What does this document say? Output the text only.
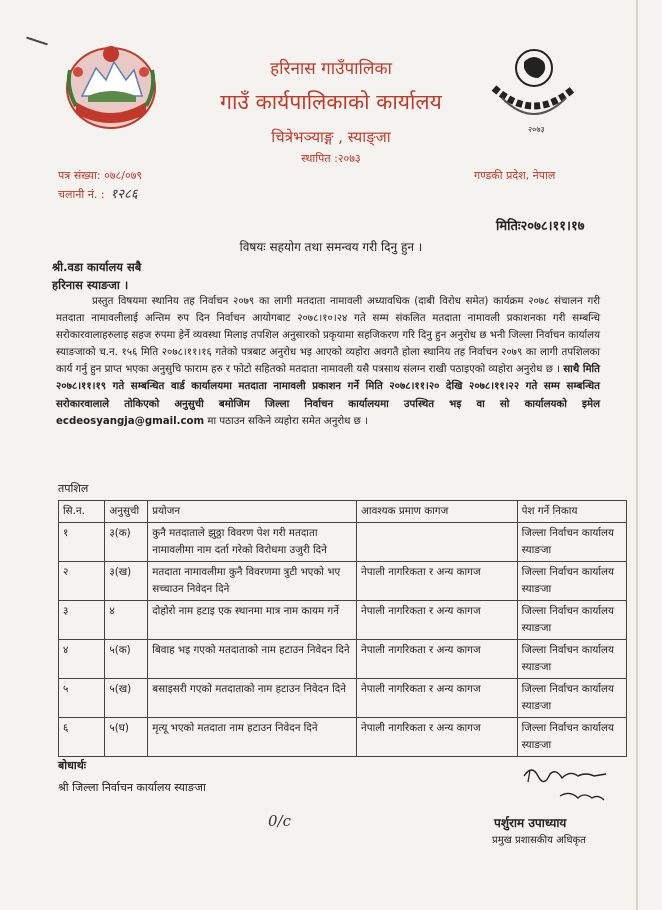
हरिनास गाउँपालिका
गाउँ कार्यपालिकाको कार्यालय
चित्रेभञ्याङ्ग , स्याङ्जा
स्थापित :२०७३
२०७३
पत्र संख्या: ०७८/०७९
चलानी नं. : १२८६
गण्डकी प्रदेश, नेपाल
मितिः२०७८।११।१७
विषयः सहयोग तथा समन्वय गरी दिनु हुन ।
श्री.वडा कार्यालय सबै
हरिनास स्याङजा ।
प्रस्तुत विषयमा स्थानिय तह निर्वाचन २०७९ का लागी मतदाता नामावली अध्यावधिक (दाबी विरोध समेत) कार्यक्रम २०७८ संचालन गरी मतदाता नामावलीलाई अन्तिम रुप दिन निर्वाचन आयोगबाट २०७८।१०।२४ गते सम्म संकलित मतदाता नामावली प्रकाशनका गरी सम्बन्धि सरोकारवालाहरुलाइ सहज रुपमा हेर्ने व्यवस्था मिलाइ तपशिल अनुसारको प्रकृयामा सहजिकरण गरि दिनु हुन अनुरोध छ भनी जिल्ला निर्वाचन कार्यालय स्याङजाको च.न. १५६ मिति २०७८।११।१६ गतेको पत्रबाट अनुरोध भइ आएको व्यहोरा अवगतै होला स्थानिय तह निर्वाचन २०७९ का लागी तपशिलका कार्य गर्नु हुन प्राप्त भएका अनुसुचि फाराम हरु र फोटो सहितको मतदाता नामावली यसै पत्रसाथ संलग्न राखी पठाइएको व्यहोरा अनुरोध छ । साथै मिति २०७८।११।१९ गते सम्बन्धित वार्ड कार्यालयमा मतदाता नामावली प्रकाशन गर्ने मिति २०७८।११।२० देखि २०७८।११।२२ गते सम्म सम्बन्धित सरोकारवालाले तोकिएको अनुसुची बमोजिम जिल्ला निर्वाचन कार्यालयमा उपस्थित भइ वा सो कार्यालयको इमेल ecdeosyangja@gmail.com मा पठाउन सकिने व्यहोरा समेत अनुरोध छ ।
तपशिल
सि.न.	अनुसुची	प्रयोजन	आवश्यक प्रमाण कागज	पेश गर्ने निकाय
१	३(क)	कुनै मतदाताले झुठ्ठा विवरण पेश गरी मतदाता नामावलीमा नाम दर्ता गरेको विरोधमा उजुरी दिने		जिल्ला निर्वाचन कार्यालय स्याङजा
२	३(ख)	मतदाता नामावलीमा कुनै विवरणमा त्रुटी भएको भए सच्चाउन निवेदन दिने	नेपाली नागरिकता र अन्य कागज	जिल्ला निर्वाचन कार्यालय स्याङजा
३	४	दोहोरो नाम हटाइ एक स्थानमा मात्र नाम कायम गर्ने	नेपाली नागरिकता र अन्य कागज	जिल्ला निर्वाचन कार्यालय स्याङजा
४	५(क)	बिवाह भइ गएको मतदाताको नाम हटाउन निवेदन दिने	नेपाली नागरिकता र अन्य कागज	जिल्ला निर्वाचन कार्यालय स्याङजा
५	५(ख)	बसाइसरी गएको मतदाताको नाम हटाउन निवेदन दिने	नेपाली नागरिकता र अन्य कागज	जिल्ला निर्वाचन कार्यालय स्याङजा
६	५(घ)	मृत्यू भएको मतदाता नाम हटाउन निवेदन दिने	नेपाली नागरिकता र अन्य कागज	जिल्ला निर्वाचन कार्यालय स्याङजा
बोधार्थः
श्री जिल्ला निर्वाचन कार्यालय स्याङजा
0/c	पर्शुराम उपाध्याय
प्रमुख प्रशासकीय अधिकृत
